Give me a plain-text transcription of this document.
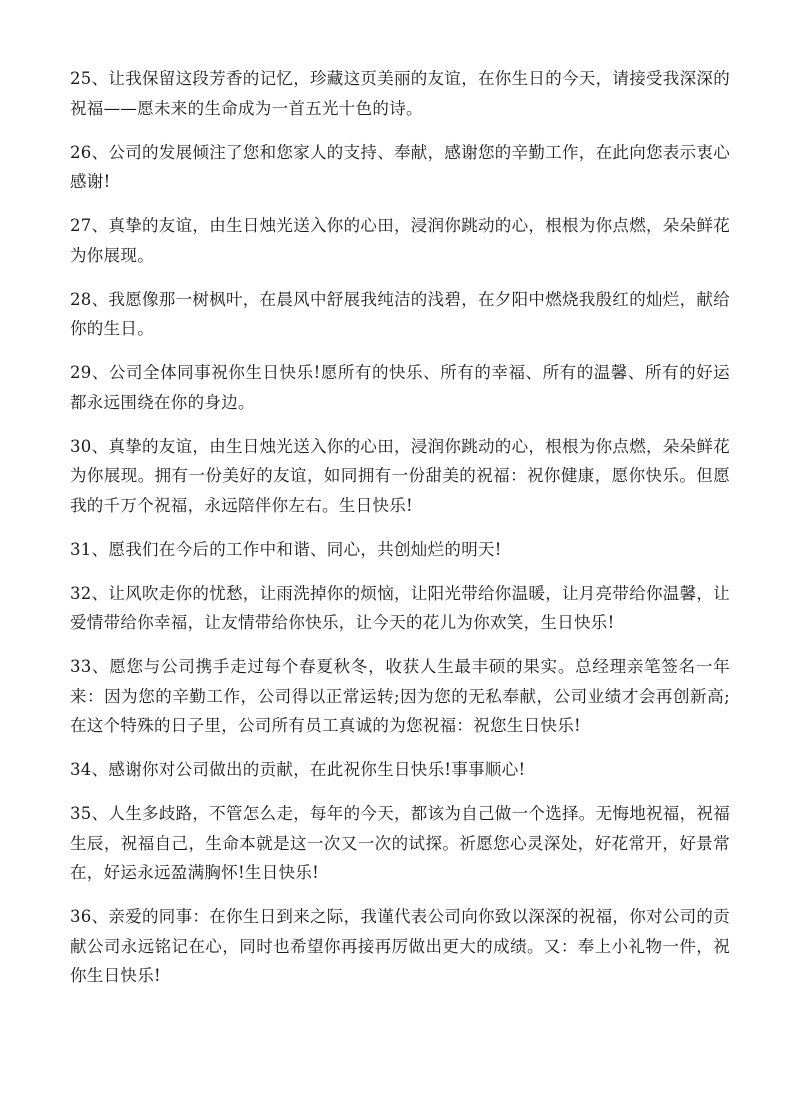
25、让我保留这段芳香的记忆，珍藏这页美丽的友谊，在你生日的今天，请接受我深深的祝福——愿未来的生命成为一首五光十色的诗。

26、公司的发展倾注了您和您家人的支持、奉献，感谢您的辛勤工作，在此向您表示衷心感谢!

27、真挚的友谊，由生日烛光送入你的心田，浸润你跳动的心，根根为你点燃，朵朵鲜花为你展现。

28、我愿像那一树枫叶，在晨风中舒展我纯洁的浅碧，在夕阳中燃烧我殷红的灿烂，献给你的生日。

29、公司全体同事祝你生日快乐!愿所有的快乐、所有的幸福、所有的温馨、所有的好运都永远围绕在你的身边。

30、真挚的友谊，由生日烛光送入你的心田，浸润你跳动的心，根根为你点燃，朵朵鲜花为你展现。拥有一份美好的友谊，如同拥有一份甜美的祝福：祝你健康，愿你快乐。但愿我的千万个祝福，永远陪伴你左右。生日快乐!

31、愿我们在今后的工作中和谐、同心，共创灿烂的明天!

32、让风吹走你的忧愁，让雨洗掉你的烦恼，让阳光带给你温暖，让月亮带给你温馨，让爱情带给你幸福，让友情带给你快乐，让今天的花儿为你欢笑，生日快乐!

33、愿您与公司携手走过每个春夏秋冬，收获人生最丰硕的果实。总经理亲笔签名一年来：因为您的辛勤工作，公司得以正常运转;因为您的无私奉献，公司业绩才会再创新高;在这个特殊的日子里，公司所有员工真诚的为您祝福：祝您生日快乐!

34、感谢你对公司做出的贡献，在此祝你生日快乐!事事顺心!

35、人生多歧路，不管怎么走，每年的今天，都该为自己做一个选择。无悔地祝福，祝福生辰，祝福自己，生命本就是这一次又一次的试探。祈愿您心灵深处，好花常开，好景常在，好运永远盈满胸怀!生日快乐!

36、亲爱的同事：在你生日到来之际，我谨代表公司向你致以深深的祝福，你对公司的贡献公司永远铭记在心，同时也希望你再接再厉做出更大的成绩。又：奉上小礼物一件，祝你生日快乐!
